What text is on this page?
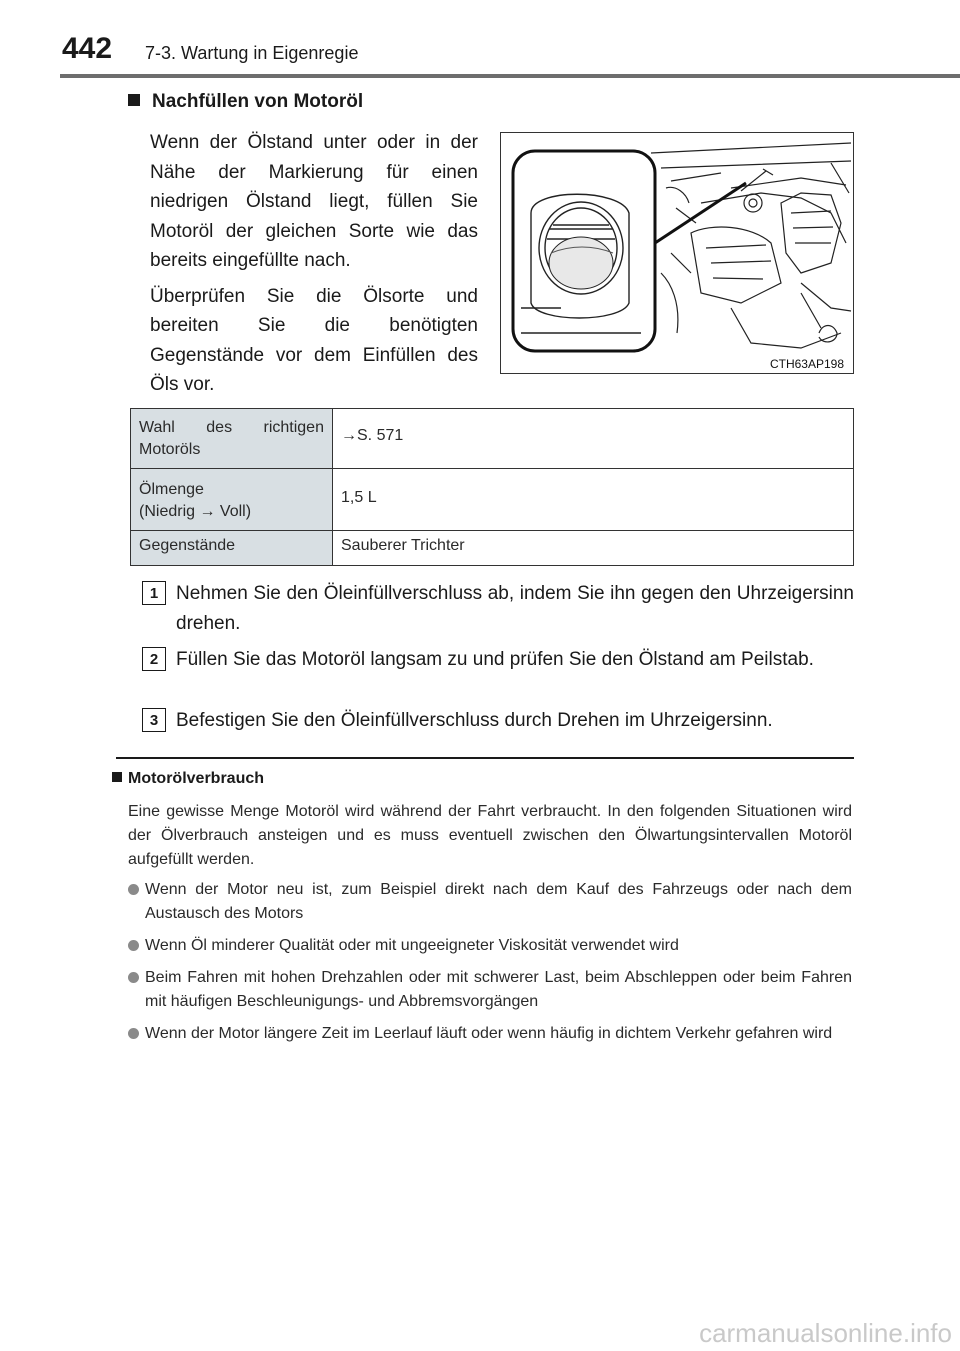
442 7-3. Wartung in Eigenregie
Nachfüllen von Motoröl

Wenn der Ölstand unter oder in der Nähe der Markierung für einen niedrigen Ölstand liegt, füllen Sie Motoröl der gleichen Sorte wie das bereits eingefüllte nach.

Überprüfen Sie die Ölsorte und bereiten Sie die benötigten Gegenstände vor dem Einfüllen des Öls vor.

CTH63AP198
Wahl des richtigen
Motoröls	→S. 571

Ölmenge
(Niedrig → Voll)	1,5 L

Gegenstände	Sauberer Trichter
1 Nehmen Sie den Öleinfüllverschluss ab, indem Sie ihn gegen den Uhrzeigersinn drehen.
2 Füllen Sie das Motoröl langsam zu und prüfen Sie den Ölstand am Peilstab.
3 Befestigen Sie den Öleinfüllverschluss durch Drehen im Uhrzeigersinn.
Motorölverbrauch
Eine gewisse Menge Motoröl wird während der Fahrt verbraucht. In den folgenden Situationen wird der Ölverbrauch ansteigen und es muss eventuell zwischen den Ölwartungsintervallen Motoröl aufgefüllt werden.
Wenn der Motor neu ist, zum Beispiel direkt nach dem Kauf des Fahrzeugs oder nach dem Austausch des Motors
Wenn Öl minderer Qualität oder mit ungeeigneter Viskosität verwendet wird
Beim Fahren mit hohen Drehzahlen oder mit schwerer Last, beim Abschleppen oder beim Fahren mit häufigen Beschleunigungs- und Abbremsvorgängen
Wenn der Motor längere Zeit im Leerlauf läuft oder wenn häufig in dichtem Verkehr gefahren wird
carmanualsonline.info
